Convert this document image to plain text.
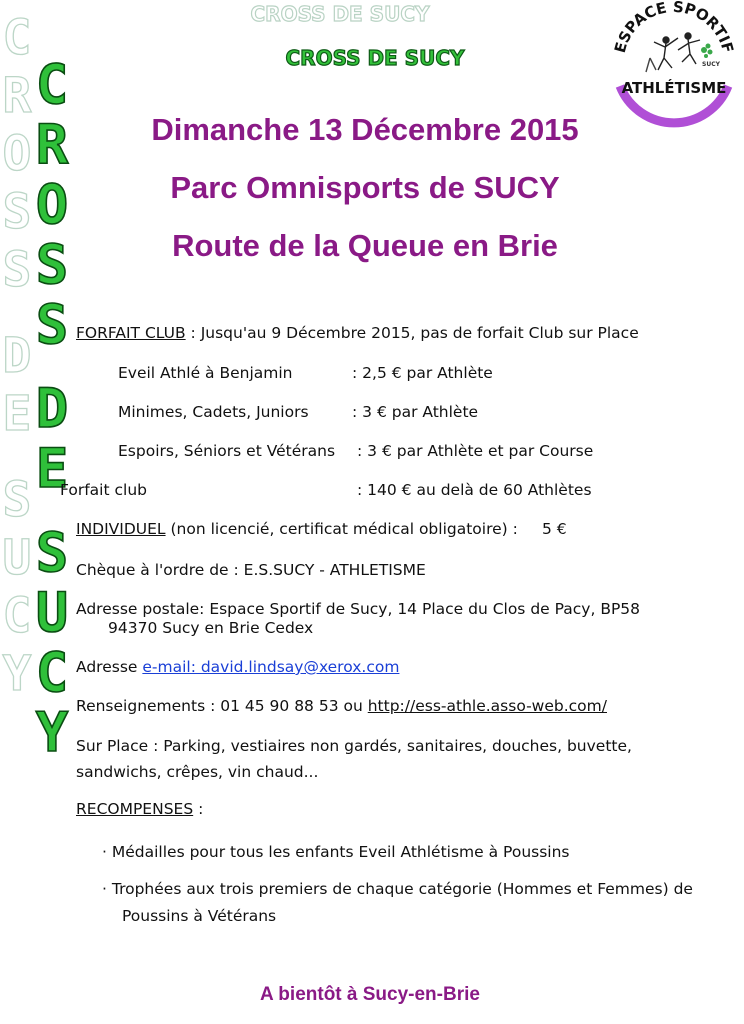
CROSS DE SUCY
CROSS DE SUCY
C
R
O
S
S
D
E
S
U
C
Y
C
R
O
S
S
D
E
S
U
C
Y
ESPACE SPORTIF
SUCY
ATHLÉTISME
Dimanche 13 Décembre 2015
Parc Omnisports de SUCY
Route de la Queue en Brie
FORFAIT CLUB : Jusqu'au 9 Décembre 2015, pas de forfait Club sur Place
Eveil Athlé à Benjamin	: 2,5 € par Athlète
Minimes, Cadets, Juniors	: 3 € par Athlète
Espoirs, Séniors et Vétérans : 3 € par Athlète et par Course
Forfait club	: 140 € au delà de 60 Athlètes
INDIVIDUEL (non licencié, certificat médical obligatoire) : 5 €
Chèque à l'ordre de : E.S.SUCY - ATHLETISME
Adresse postale: Espace Sportif de Sucy, 14 Place du Clos de Pacy, BP58
94370 Sucy en Brie Cedex
Adresse e-mail: david.lindsay@xerox.com
Renseignements : 01 45 90 88 53 ou http://ess-athle.asso-web.com/
Sur Place : Parking, vestiaires non gardés, sanitaires, douches, buvette,
sandwichs, crêpes, vin chaud...
RECOMPENSES :
· Médailles pour tous les enfants Eveil Athlétisme à Poussins
· Trophées aux trois premiers de chaque catégorie (Hommes et Femmes) de
Poussins à Vétérans
A bientôt à Sucy-en-Brie
